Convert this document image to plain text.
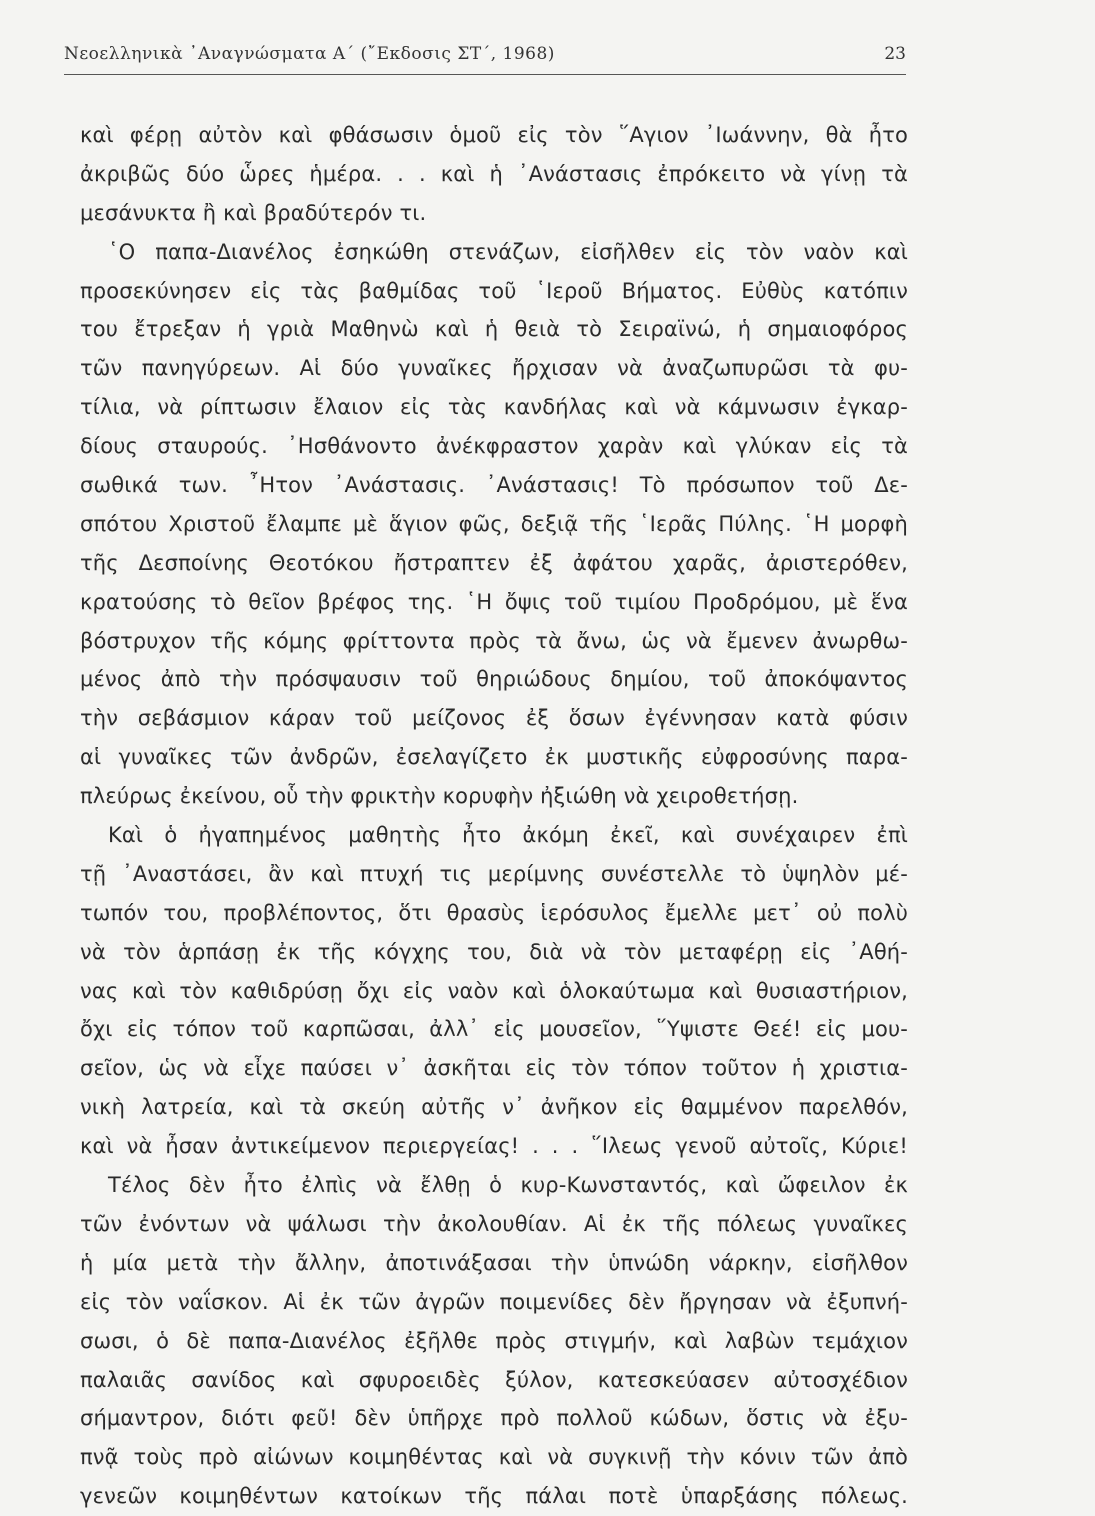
Νεοελληνικὰ ᾿Αναγνώσματα Α΄ (῎Εκδοσις ΣΤ΄, 1968)	23
καὶ φέρῃ αὐτὸν καὶ φθάσωσιν ὁμοῦ εἰς τὸν ῞Αγιον ᾿Ιωάννην, θὰ ἦτο
ἀκριβῶς δύο ὧρες ἡμέρα. . . καὶ ἡ ᾿Ανάστασις ἐπρόκειτο νὰ γίνῃ τὰ
μεσάνυκτα ἢ καὶ βραδύτερόν τι.
῾Ο παπα-Διανέλος ἐσηκώθη στενάζων, εἰσῆλθεν εἰς τὸν ναὸν καὶ
προσεκύνησεν εἰς τὰς βαθμίδας τοῦ ῾Ιεροῦ Βήματος. Εὐθὺς κατόπιν
του ἔτρεξαν ἡ γριὰ Μαθηνὼ καὶ ἡ θειὰ τὸ Σειραϊνώ, ἡ σημαιοφόρος
τῶν πανηγύρεων. Αἱ δύο γυναῖκες ἤρχισαν νὰ ἀναζωπυρῶσι τὰ φυ-
τίλια, νὰ ρίπτωσιν ἔλαιον εἰς τὰς κανδήλας καὶ νὰ κάμνωσιν ἐγκαρ-
δίους σταυρούς. ᾿Ησθάνοντο ἀνέκφραστον χαρὰν καὶ γλύκαν εἰς τὰ
σωθικά των. ῏Ητον ᾿Ανάστασις. ᾿Ανάστασις! Τὸ πρόσωπον τοῦ Δε-
σπότου Χριστοῦ ἔλαμπε μὲ ἅγιον φῶς, δεξιᾷ τῆς ῾Ιερᾶς Πύλης. ῾Η μορφὴ
τῆς Δεσποίνης Θεοτόκου ἤστραπτεν ἐξ ἀφάτου χαρᾶς, ἀριστερόθεν,
κρατούσης τὸ θεῖον βρέφος της. ῾Η ὄψις τοῦ τιμίου Προδρόμου, μὲ ἕνα
βόστρυχον τῆς κόμης φρίττοντα πρὸς τὰ ἄνω, ὡς νὰ ἔμενεν ἀνωρθω-
μένος ἀπὸ τὴν πρόσψαυσιν τοῦ θηριώδους δημίου, τοῦ ἀποκόψαντος
τὴν σεβάσμιον κάραν τοῦ μείζονος ἐξ ὅσων ἐγέννησαν κατὰ φύσιν
αἱ γυναῖκες τῶν ἀνδρῶν, ἐσελαγίζετο ἐκ μυστικῆς εὐφροσύνης παρα-
πλεύρως ἐκείνου, οὗ τὴν φρικτὴν κορυφὴν ἠξιώθη νὰ χειροθετήσῃ.
Καὶ ὁ ἠγαπημένος μαθητὴς ἦτο ἀκόμη ἐκεῖ, καὶ συνέχαιρεν ἐπὶ
τῇ ᾿Αναστάσει, ἂν καὶ πτυχή τις μερίμνης συνέστελλε τὸ ὑψηλὸν μέ-
τωπόν του, προβλέποντος, ὅτι θρασὺς ἱερόσυλος ἔμελλε μετ᾿ οὐ πολὺ
νὰ τὸν ἁρπάσῃ ἐκ τῆς κόγχης του, διὰ νὰ τὸν μεταφέρῃ εἰς ᾿Αθή-
νας καὶ τὸν καθιδρύσῃ ὄχι εἰς ναὸν καὶ ὁλοκαύτωμα καὶ θυσιαστήριον,
ὄχι εἰς τόπον τοῦ καρπῶσαι, ἀλλ᾿ εἰς μουσεῖον, ῞Υψιστε Θεέ! εἰς μου-
σεῖον, ὡς νὰ εἶχε παύσει ν᾿ ἀσκῆται εἰς τὸν τόπον τοῦτον ἡ χριστια-
νικὴ λατρεία, καὶ τὰ σκεύη αὐτῆς ν᾿ ἀνῆκον εἰς θαμμένον παρελθόν,
καὶ νὰ ἦσαν ἀντικείμενον περιεργείας! . . . ῞Ιλεως γενοῦ αὐτοῖς, Κύριε!
Τέλος δὲν ἦτο ἐλπὶς νὰ ἔλθῃ ὁ κυρ-Κωνσταντός, καὶ ὤφειλον ἐκ
τῶν ἐνόντων νὰ ψάλωσι τὴν ἀκολουθίαν. Αἱ ἐκ τῆς πόλεως γυναῖκες
ἡ μία μετὰ τὴν ἄλλην, ἀποτινάξασαι τὴν ὑπνώδη νάρκην, εἰσῆλθον
εἰς τὸν ναΐσκον. Αἱ ἐκ τῶν ἀγρῶν ποιμενίδες δὲν ἤργησαν νὰ ἐξυπνή-
σωσι, ὁ δὲ παπα-Διανέλος ἐξῆλθε πρὸς στιγμήν, καὶ λαβὼν τεμάχιον
παλαιᾶς σανίδος καὶ σφυροειδὲς ξύλον, κατεσκεύασεν αὐτοσχέδιον
σήμαντρον, διότι φεῦ! δὲν ὑπῆρχε πρὸ πολλοῦ κώδων, ὅστις νὰ ἐξυ-
πνᾷ τοὺς πρὸ αἰώνων κοιμηθέντας καὶ νὰ συγκινῇ τὴν κόνιν τῶν ἀπὸ
γενεῶν κοιμηθέντων κατοίκων τῆς πάλαι ποτὲ ὑπαρξάσης πόλεως.
